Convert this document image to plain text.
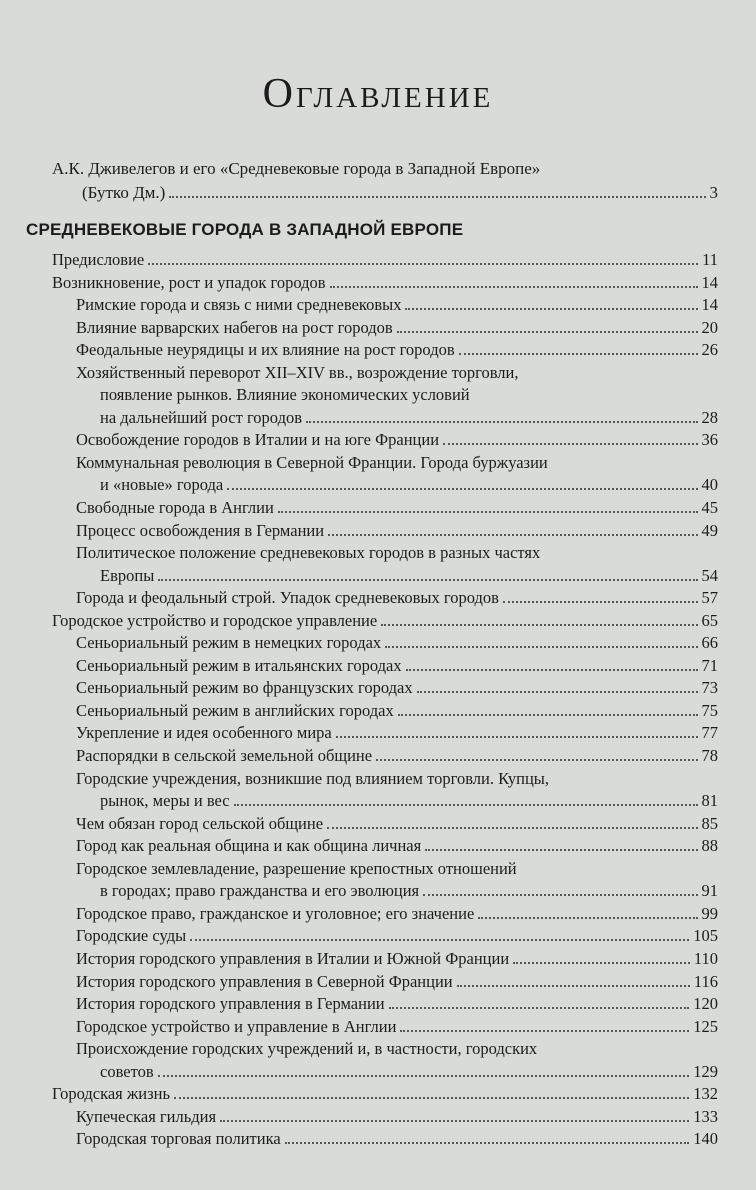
Оглавление
А.К. Дживелегов и его «Средневековые города в Западной Европе»
(Бутко Дм.)	3
СРЕДНЕВЕКОВЫЕ ГОРОДА В ЗАПАДНОЙ ЕВРОПЕ
Предисловие	11
Возникновение, рост и упадок городов	14
Римские города и связь с ними средневековых	14
Влияние варварских набегов на рост городов	20
Феодальные неурядицы и их влияние на рост городов	26
Хозяйственный переворот XII–XIV вв., возрождение торговли,
появление рынков. Влияние экономических условий
на дальнейший рост городов	28
Освобождение городов в Италии и на юге Франции	36
Коммунальная революция в Северной Франции. Города буржуазии
и «новые» города	40
Свободные города в Англии	45
Процесс освобождения в Германии	49
Политическое положение средневековых городов в разных частях
Европы	54
Города и феодальный строй. Упадок средневековых городов	57
Городское устройство и городское управление	65
Сеньориальный режим в немецких городах	66
Сеньориальный режим в итальянских городах	71
Сеньориальный режим во французских городах	73
Сеньориальный режим в английских городах	75
Укрепление и идея особенного мира	77
Распорядки в сельской земельной общине	78
Городские учреждения, возникшие под влиянием торговли. Купцы,
рынок, меры и вес	81
Чем обязан город сельской общине	85
Город как реальная община и как община личная	88
Городское землевладение, разрешение крепостных отношений
в городах; право гражданства и его эволюция	91
Городское право, гражданское и уголовное; его значение	99
Городские суды	105
История городского управления в Италии и Южной Франции	110
История городского управления в Северной Франции	116
История городского управления в Германии	120
Городское устройство и управление в Англии	125
Происхождение городских учреждений и, в частности, городских
советов	129
Городская жизнь	132
Купеческая гильдия	133
Городская торговая политика	140
